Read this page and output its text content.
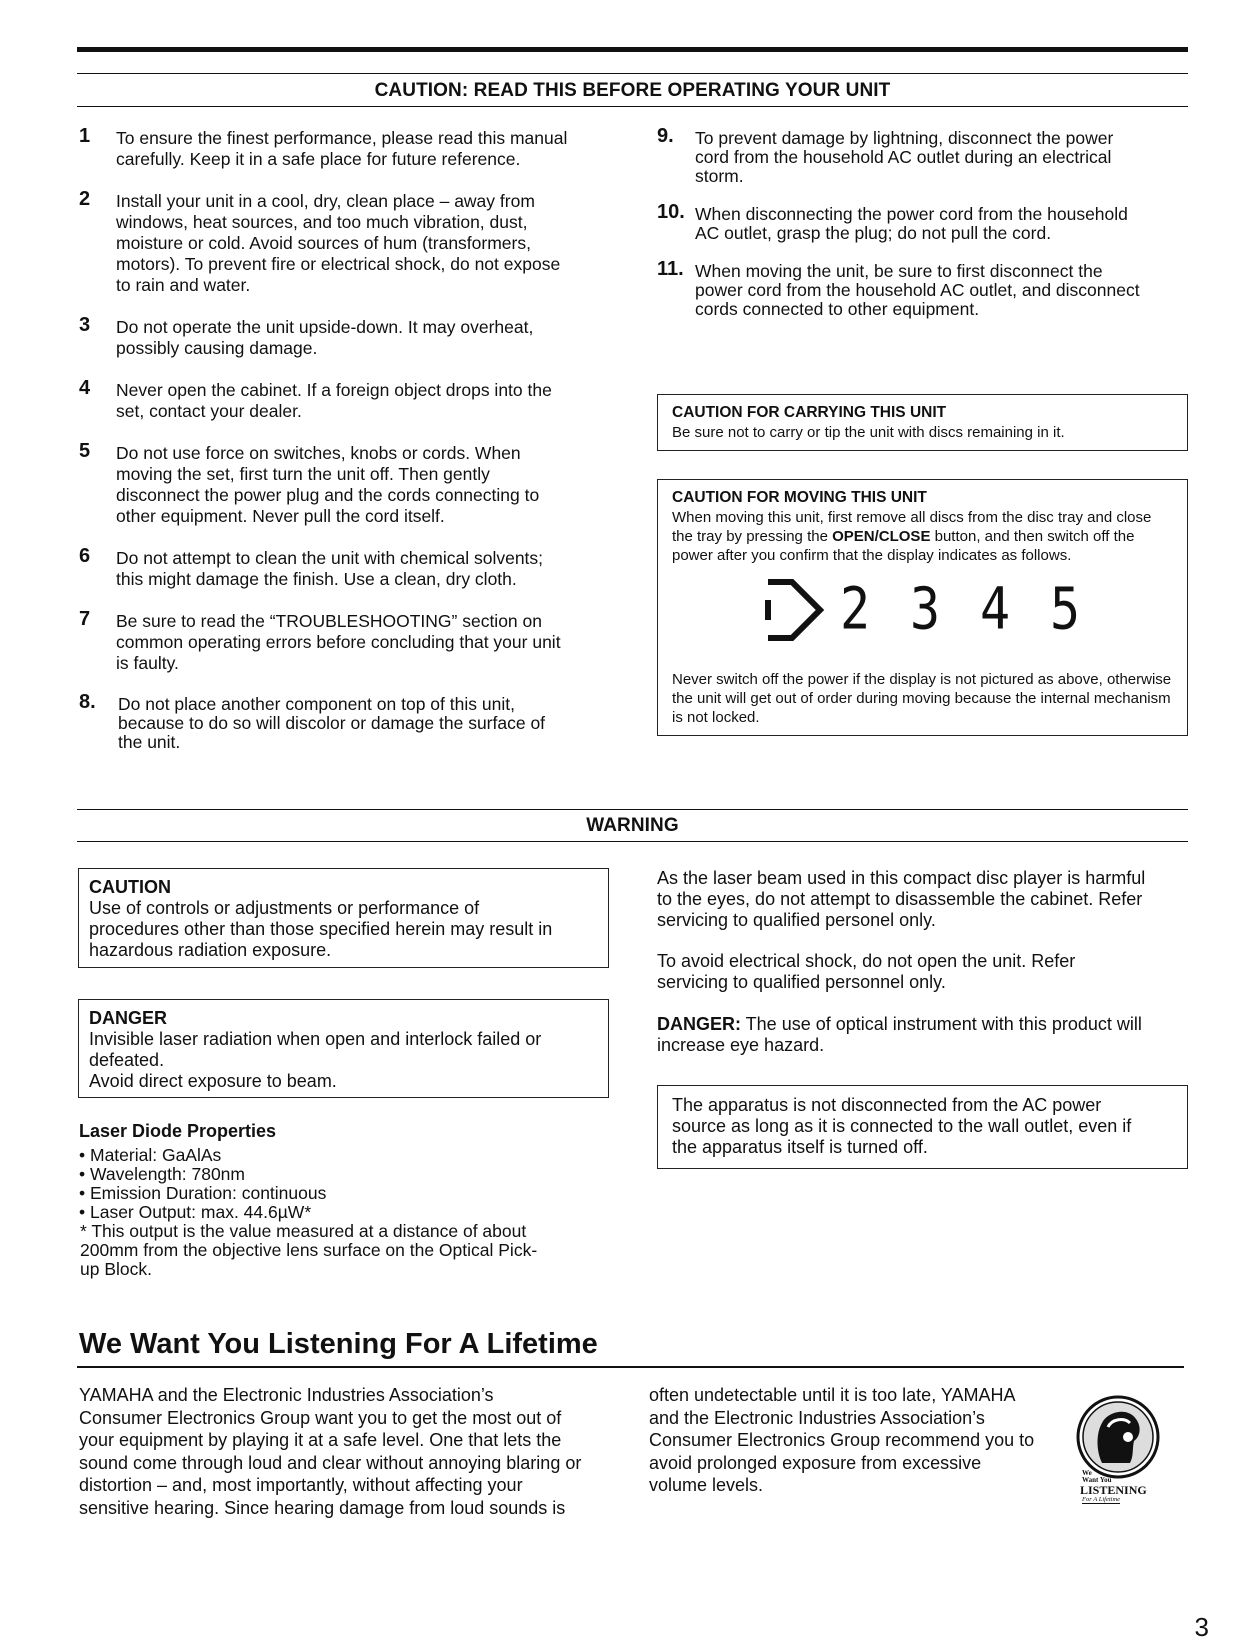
CAUTION: READ THIS BEFORE OPERATING YOUR UNIT
1 To ensure the finest performance, please read this manual
carefully. Keep it in a safe place for future reference.
2 Install your unit in a cool, dry, clean place – away from
windows, heat sources, and too much vibration, dust,
moisture or cold. Avoid sources of hum (transformers,
motors). To prevent fire or electrical shock, do not expose
to rain and water.
3 Do not operate the unit upside-down. It may overheat,
possibly causing damage.
4 Never open the cabinet. If a foreign object drops into the
set, contact your dealer.
5 Do not use force on switches, knobs or cords. When
moving the set, first turn the unit off. Then gently
disconnect the power plug and the cords connecting to
other equipment. Never pull the cord itself.
6 Do not attempt to clean the unit with chemical solvents;
this might damage the finish. Use a clean, dry cloth.
7 Be sure to read the “TROUBLESHOOTING” section on
common operating errors before concluding that your unit
is faulty.
8. Do not place another component on top of this unit,
because to do so will discolor or damage the surface of
the unit.
9. To prevent damage by lightning, disconnect the power
cord from the household AC outlet during an electrical
storm.
10. When disconnecting the power cord from the household
AC outlet, grasp the plug; do not pull the cord.
11. When moving the unit, be sure to first disconnect the
power cord from the household AC outlet, and disconnect
cords connected to other equipment.
CAUTION FOR CARRYING THIS UNIT
Be sure not to carry or tip the unit with discs remaining in it.
CAUTION FOR MOVING THIS UNIT
When moving this unit, first remove all discs from the disc tray and close the tray by pressing the OPEN/CLOSE button, and then switch off the power after you confirm that the display indicates as follows.
2 3 4 5
Never switch off the power if the display is not pictured as above, otherwise the unit will get out of order during moving because the internal mechanism is not locked.
WARNING
CAUTION
Use of controls or adjustments or performance of
procedures other than those specified herein may result in
hazardous radiation exposure.
DANGER
Invisible laser radiation when open and interlock failed or
defeated.
Avoid direct exposure to beam.
Laser Diode Properties
• Material: GaAlAs
• Wavelength: 780nm
• Emission Duration: continuous
• Laser Output: max. 44.6µW*
* This output is the value measured at a distance of about
200mm from the objective lens surface on the Optical Pick-
up Block.
As the laser beam used in this compact disc player is harmful
to the eyes, do not attempt to disassemble the cabinet. Refer
servicing to qualified personel only.
To avoid electrical shock, do not open the unit. Refer
servicing to qualified personnel only.
DANGER: The use of optical instrument with this product will
increase eye hazard.
The apparatus is not disconnected from the AC power
source as long as it is connected to the wall outlet, even if
the apparatus itself is turned off.
We Want You Listening For A Lifetime
YAMAHA and the Electronic Industries Association’s
Consumer Electronics Group want you to get the most out of
your equipment by playing it at a safe level. One that lets the
sound come through loud and clear without annoying blaring or
distortion – and, most importantly, without affecting your
sensitive hearing. Since hearing damage from loud sounds is
often undetectable until it is too late, YAMAHA
and the Electronic Industries Association’s
Consumer Electronics Group recommend you to
avoid prolonged exposure from excessive
volume levels.
We
Want You
LISTENING
For A Lifetime
3
